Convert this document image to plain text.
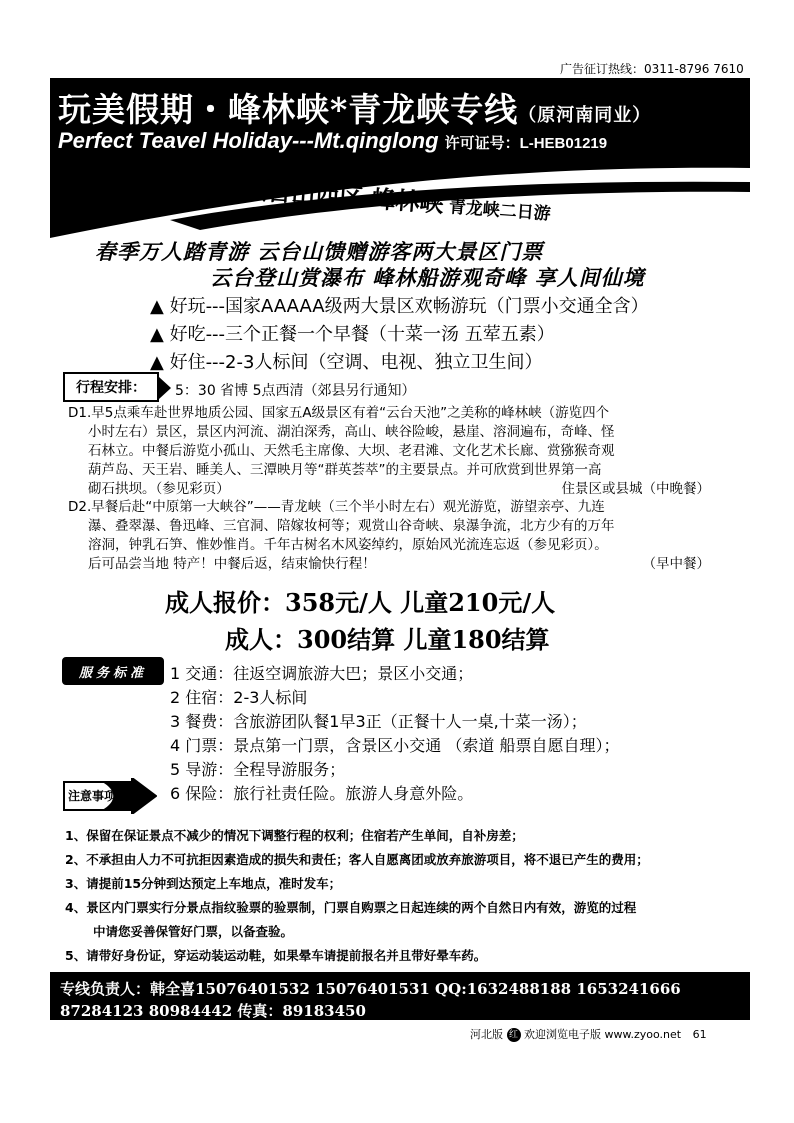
广告征订热线：0311-8796 7610
玩美假期・峰林峡*青龙峡专线（原河南同业）
Perfect Teavel Holiday---Mt.qinglong 许可证号：L-HEB01219
云台山西区 峰林峡 青龙峡二日游
春季万人踏青游 云台山馈赠游客两大景区门票
云台登山赏瀑布 峰林船游观奇峰 享人间仙境
▲ 好玩---国家AAAAA级两大景区欢畅游玩（门票小交通全含）
▲ 好吃---三个正餐一个早餐（十菜一汤 五荤五素）
▲ 好住---2-3人标间（空调、电视、独立卫生间）
行程安排：	5：30 省博 5点西清（郊县另行通知）

D1.早5点乘车赴世界地质公园、国家五A级景区有着“云台天池”之美称的峰林峡（游览四个

小时左右）景区，景区内河流、湖泊深秀，高山、峡谷险峻，悬崖、溶洞遍布，奇峰、怪

石林立。中餐后游览小孤山、天然毛主席像、大坝、老君滩、文化艺术长廊、赏猕猴奇观

葫芦岛、天王岩、睡美人、三潭映月等“群英荟萃”的主要景点。并可欣赏到世界第一高

砌石拱坝。（参见彩页）	住景区或县城（中晚餐）

D2.早餐后赴“中原第一大峡谷”——青龙峡（三个半小时左右）观光游览，游望亲亭、九连

瀑、叠翠瀑、鲁迅峰、三官洞、陪嫁妆柯等；观赏山谷奇峡、泉瀑争流，北方少有的万年

溶洞，钟乳石笋、惟妙惟肖。千年古树名木风姿绰约，原始风光流连忘返（参见彩页）。

后可品尝当地 特产！中餐后返，结束愉快行程！	（早中餐）
成人报价：358元/人 儿童210元/人
成人：300结算 儿童180结算
服务标准	1 交通：往返空调旅游大巴；景区小交通；
2 住宿：2-3人标间
3 餐费：含旅游团队餐1早3正（正餐十人一桌,十菜一汤）；
4 门票：景点第一门票，含景区小交通 （索道 船票自愿自理）；
5 导游：全程导游服务；
6 保险：旅行社责任险。旅游人身意外险。
注意事项:

1、保留在保证景点不减少的情况下调整行程的权利；住宿若产生单间，自补房差；

2、不承担由人力不可抗拒因素造成的损失和责任；客人自愿离团或放弃旅游项目，将不退已产生的费用；

3、请提前15分钟到达预定上车地点，准时发车；

4、景区内门票实行分景点指纹验票的验票制，门票自购票之日起连续的两个自然日内有效，游览的过程

中请您妥善保管好门票，以备查验。

5、请带好身份证，穿运动装运动鞋，如果晕车请提前报名并且带好晕车药。

专线负责人：韩全喜15076401532 15076401531 QQ:1632488188 1653241666
87284123 80984442 传真：89183450
河北版 红 欢迎浏览电子版 www.zyoo.net 61
